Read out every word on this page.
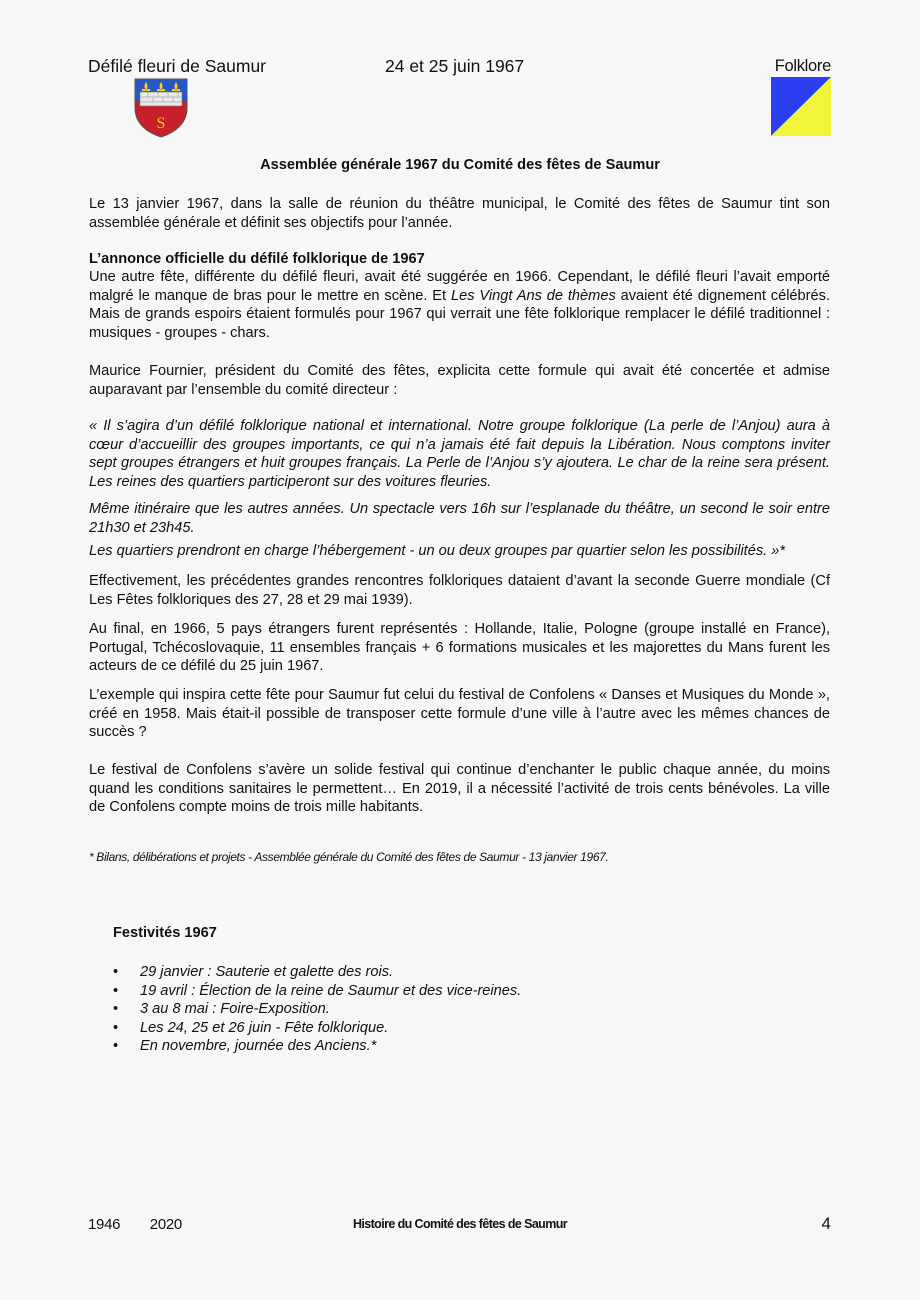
Défilé fleuri de Saumur	24 et 25 juin 1967	Folklore
S
Assemblée générale 1967 du Comité des fêtes de Saumur

Le 13 janvier 1967, dans la salle de réunion du théâtre municipal, le Comité des fêtes de Saumur tint son assemblée générale et définit ses objectifs pour l’année.

L’annonce officielle du défilé folklorique de 1967

Une autre fête, différente du défilé fleuri, avait été suggérée en 1966. Cependant, le défilé fleuri l’avait emporté malgré le manque de bras pour le mettre en scène. Et Les Vingt Ans de thèmes avaient été dignement célébrés. Mais de grands espoirs étaient formulés pour 1967 qui verrait une fête folklorique remplacer le défilé traditionnel : musiques - groupes - chars.

Maurice Fournier, président du Comité des fêtes, explicita cette formule qui avait été concertée et admise auparavant par l’ensemble du comité directeur :

« Il s’agira d’un défilé folklorique national et international. Notre groupe folklorique (La perle de l’Anjou) aura à cœur d’accueillir des groupes importants, ce qui n’a jamais été fait depuis la Libération. Nous comptons inviter sept groupes étrangers et huit groupes français. La Perle de l’Anjou s’y ajoutera. Le char de la reine sera présent. Les reines des quartiers participeront sur des voitures fleuries.

Même itinéraire que les autres années. Un spectacle vers 16h sur l’esplanade du théâtre, un second le soir entre 21h30 et 23h45.

Les quartiers prendront en charge l’hébergement - un ou deux groupes par quartier selon les possibilités. »*

Effectivement, les précédentes grandes rencontres folkloriques dataient d’avant la seconde Guerre mondiale (Cf Les Fêtes folkloriques des 27, 28 et 29 mai 1939).

Au final, en 1966, 5 pays étrangers furent représentés : Hollande, Italie, Pologne (groupe installé en France), Portugal, Tchécoslovaquie, 11 ensembles français + 6 formations musicales et les majorettes du Mans furent les acteurs de ce défilé du 25 juin 1967.

L’exemple qui inspira cette fête pour Saumur fut celui du festival de Confolens « Danses et Musiques du Monde », créé en 1958. Mais était-il possible de transposer cette formule d’une ville à l’autre avec les mêmes chances de succès ?

Le festival de Confolens s’avère un solide festival qui continue d’enchanter le public chaque année, du moins quand les conditions sanitaires le permettent… En 2019, il a nécessité l’activité de trois cents bénévoles. La ville de Confolens compte moins de trois mille habitants.

* Bilans, délibérations et projets - Assemblée générale du Comité des fêtes de Saumur - 13 janvier 1967.

Festivités 1967
• 29 janvier : Sauterie et galette des rois.
• 19 avril : Élection de la reine de Saumur et des vice-reines.
• 3 au 8 mai : Foire-Exposition.
• Les 24, 25 et 26 juin - Fête folklorique.
• En novembre, journée des Anciens.*
1946   2020	Histoire du Comité des fêtes de Saumur	4
